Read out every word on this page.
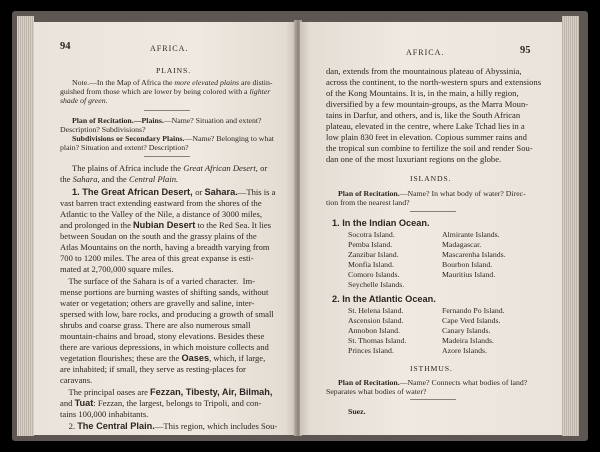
94	AFRICA.
PLAINS.
Note.—In the Map of Africa the more elevated plains are distin-
guished from those which are lower by being colored with a lighter
shade of green.
Plan of Recitation.—Plains.—Name? Situation and extent?
Description? Subdivisions?
Subdivisions or Secondary Plains.—Name? Belonging to what
plain? Situation and extent? Description?
The plains of Africa include the Great African Desert, or
the Sahara, and the Central Plain.
1. The Great African Desert, or Sahara.—This is a
vast barren tract extending eastward from the shores of the
Atlantic to the Valley of the Nile, a distance of 3000 miles,
and prolonged in the Nubian Desert to the Red Sea. It lies
between Soudan on the south and the grassy plains of the
Atlas Mountains on the north, having a breadth varying from
700 to 1200 miles. The area of this great expanse is esti-
mated at 2,700,000 square miles.
The surface of the Sahara is of a varied character.  Im-
mense portions are burning wastes of shifting sands, without
water or vegetation; others are gravelly and saline, inter-
spersed with low, bare rocks, and producing a growth of small
shrubs and coarse grass. There are also numerous small
mountain-chains and broad, stony elevations. Besides these
there are various depressions, in which moisture collects and
vegetation flourishes; these are the Oases, which, if large,
are inhabited; if small, they serve as resting-places for
caravans.
The principal oases are Fezzan, Tibesty, Air, Bilmah,
and Tuat: Fezzan, the largest, belongs to Tripoli, and con-
tains 100,000 inhabitants.
2. The Central Plain.—This region, which includes Sou-
AFRICA.	95
dan, extends from the mountainous plateau of Abyssinia,
across the continent, to the north-western spurs and extensions
of the Kong Mountains. It is, in the main, a hilly region,
diversified by a few mountain-groups, as the Marra Moun-
tains in Darfur, and others, and is, like the South African
plateau, elevated in the centre, where Lake Tchad lies in a
low plain 830 feet in elevation. Copious summer rains and
the tropical sun combine to fertilize the soil and render Sou-
dan one of the most luxuriant regions on the globe.
ISLANDS.
Plan of Recitation.—Name? In what body of water? Direc-
tion from the nearest land?
1. In the Indian Ocean.
Socotra Island.
Pemba Island.
Zanzibar Island.
Monfia Island.
Comoro Islands.
Seychelle Islands.
Almirante Islands.
Madagascar.
Mascarenha Islands.
Bourbon Island.
Mauritius Island.
2. In the Atlantic Ocean.
St. Helena Island.
Ascension Island.
Annobon Island.
St. Thomas Island.
Princes Island.
Fernando Po Island.
Cape Verd Islands.
Canary Islands.
Madeira Islands.
Azore Islands.
ISTHMUS.
Plan of Recitation.—Name? Connects what bodies of land?
Separates what bodies of water?
Suez.
